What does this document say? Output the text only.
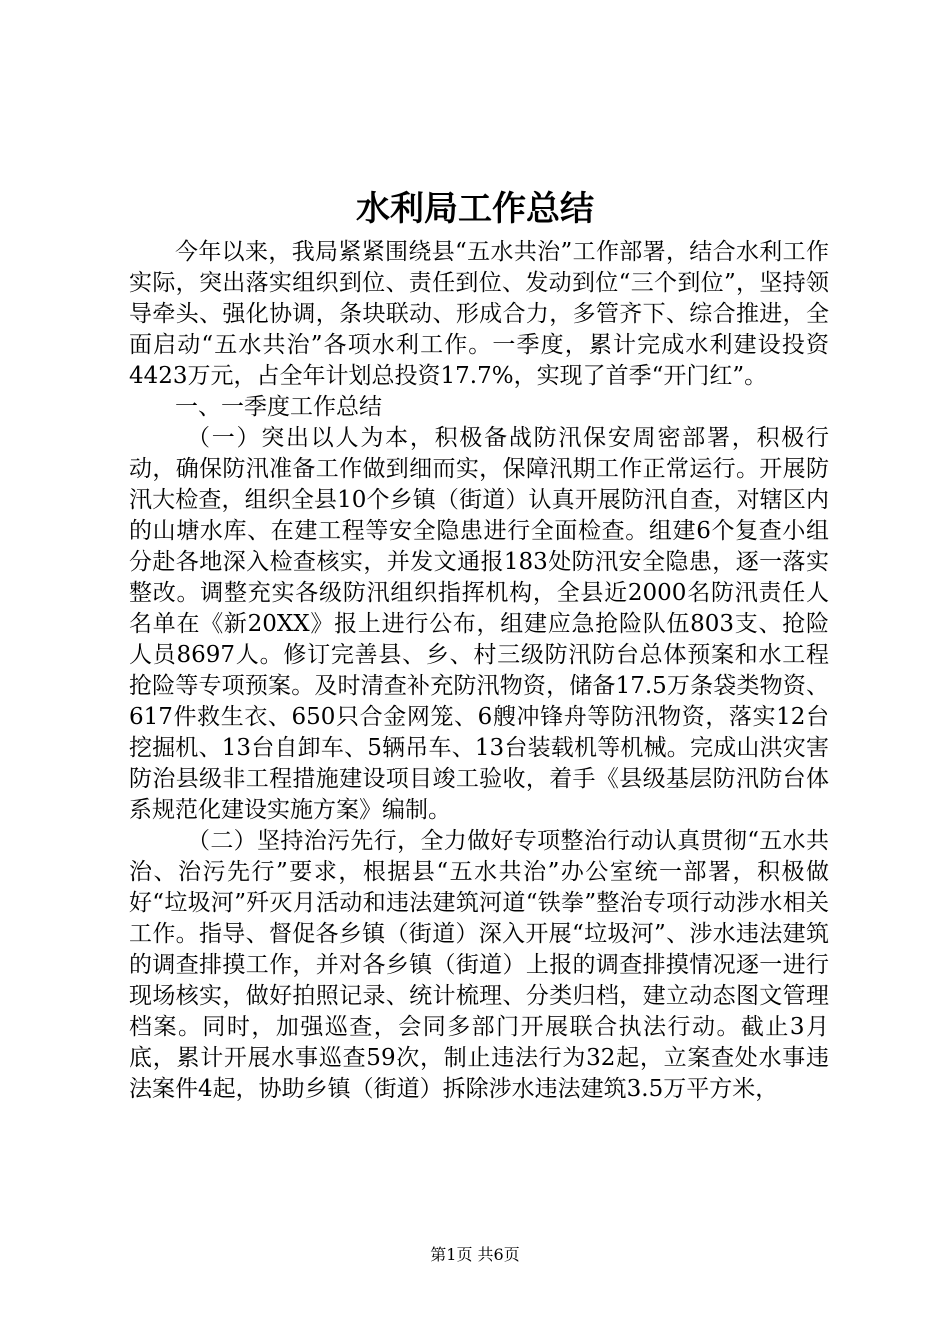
水利局工作总结

今年以来，我局紧紧围绕县“五水共治”工作部署，结合水利工作实际，突出落实组织到位、责任到位、发动到位“三个到位”，坚持领导牵头、强化协调，条块联动、形成合力，多管齐下、综合推进，全面启动“五水共治”各项水利工作。一季度，累计完成水利建设投资4423万元，占全年计划总投资17.7%，实现了首季“开门红”。

一、一季度工作总结

（一）突出以人为本，积极备战防汛保安周密部署，积极行动，确保防汛准备工作做到细而实，保障汛期工作正常运行。开展防汛大检查，组织全县10个乡镇（街道）认真开展防汛自查，对辖区内的山塘水库、在建工程等安全隐患进行全面检查。组建6个复查小组分赴各地深入检查核实，并发文通报183处防汛安全隐患，逐一落实整改。调整充实各级防汛组织指挥机构，全县近2000名防汛责任人名单在《新20XX》报上进行公布，组建应急抢险队伍803支、抢险人员8697人。修订完善县、乡、村三级防汛防台总体预案和水工程抢险等专项预案。及时清查补充防汛物资，储备17.5万条袋类物资、617件救生衣、650只合金网笼、6艘冲锋舟等防汛物资，落实12台挖掘机、13台自卸车、5辆吊车、13台装载机等机械。完成山洪灾害防治县级非工程措施建设项目竣工验收，着手《县级基层防汛防台体系规范化建设实施方案》编制。

（二）坚持治污先行，全力做好专项整治行动认真贯彻“五水共治、治污先行”要求，根据县“五水共治”办公室统一部署，积极做好“垃圾河”歼灭月活动和违法建筑河道“铁拳”整治专项行动涉水相关工作。指导、督促各乡镇（街道）深入开展“垃圾河”、涉水违法建筑的调查排摸工作，并对各乡镇（街道）上报的调查排摸情况逐一进行现场核实，做好拍照记录、统计梳理、分类归档，建立动态图文管理档案。同时，加强巡查，会同多部门开展联合执法行动。截止3月底，累计开展水事巡查59次，制止违法行为32起，立案查处水事违法案件4起，协助乡镇（街道）拆除涉水违法建筑3.5万平方米，

第1页 共6页
